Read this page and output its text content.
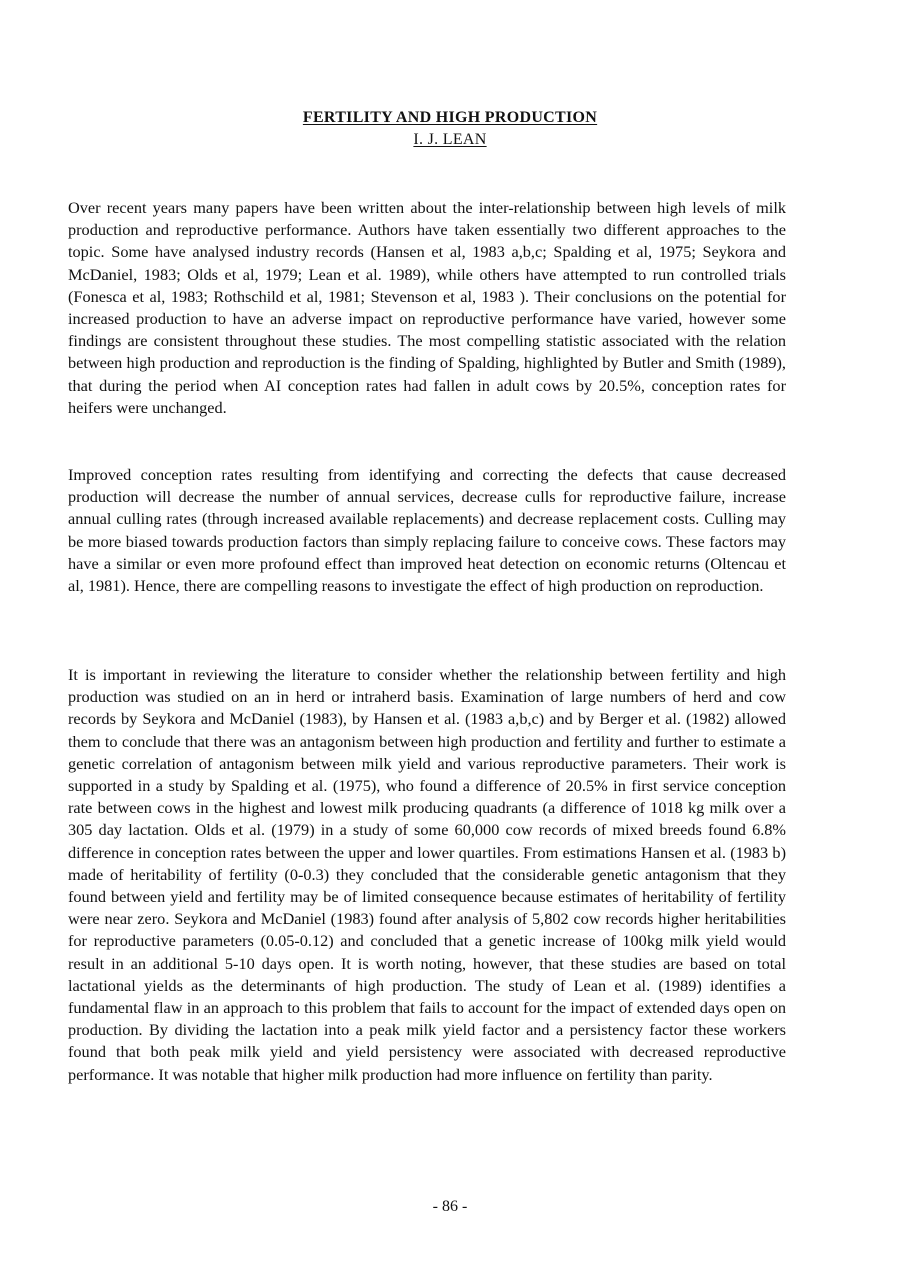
FERTILITY AND HIGH PRODUCTION
I. J. LEAN

Over recent years many papers have been written about the inter-relationship between high levels of milk production and reproductive performance. Authors have taken essentially two different approaches to the topic. Some have analysed industry records (Hansen et al, 1983 a,b,c; Spalding et al, 1975; Seykora and McDaniel, 1983; Olds et al, 1979; Lean et al. 1989), while others have attempted to run controlled trials (Fonesca et al, 1983; Rothschild et al, 1981; Stevenson et al, 1983 ). Their conclusions on the potential for increased production to have an adverse impact on reproductive performance have varied, however some findings are consistent throughout these studies. The most compelling statistic associated with the relation between high production and reproduction is the finding of Spalding, highlighted by Butler and Smith (1989), that during the period when AI conception rates had fallen in adult cows by 20.5%, conception rates for heifers were unchanged.

Improved conception rates resulting from identifying and correcting the defects that cause decreased production will decrease the number of annual services, decrease culls for reproductive failure, increase annual culling rates (through increased available replacements) and decrease replacement costs. Culling may be more biased towards production factors than simply replacing failure to conceive cows. These factors may have a similar or even more profound effect than improved heat detection on economic returns (Oltencau et al, 1981). Hence, there are compelling reasons to investigate the effect of high production on reproduction.

It is important in reviewing the literature to consider whether the relationship between fertility and high production was studied on an in herd or intraherd basis. Examination of large numbers of herd and cow records by Seykora and McDaniel (1983), by Hansen et al. (1983 a,b,c) and by Berger et al. (1982) allowed them to conclude that there was an antagonism between high production and fertility and further to estimate a genetic correlation of antagonism between milk yield and various reproductive parameters. Their work is supported in a study by Spalding et al. (1975), who found a difference of 20.5% in first service conception rate between cows in the highest and lowest milk producing quadrants (a difference of 1018 kg milk over a 305 day lactation. Olds et al. (1979) in a study of some 60,000 cow records of mixed breeds found 6.8% difference in conception rates between the upper and lower quartiles. From estimations Hansen et al. (1983 b) made of heritability of fertility (0-0.3) they concluded that the considerable genetic antagonism that they found between yield and fertility may be of limited consequence because estimates of heritability of fertility were near zero. Seykora and McDaniel (1983) found after analysis of 5,802 cow records higher heritabilities for reproductive parameters (0.05-0.12) and concluded that a genetic increase of 100kg milk yield would result in an additional 5-10 days open. It is worth noting, however, that these studies are based on total lactational yields as the determinants of high production. The study of Lean et al. (1989) identifies a fundamental flaw in an approach to this problem that fails to account for the impact of extended days open on production. By dividing the lactation into a peak milk yield factor and a persistency factor these workers found that both peak milk yield and yield persistency were associated with decreased reproductive performance. It was notable that higher milk production had more influence on fertility than parity.

- 86 -
